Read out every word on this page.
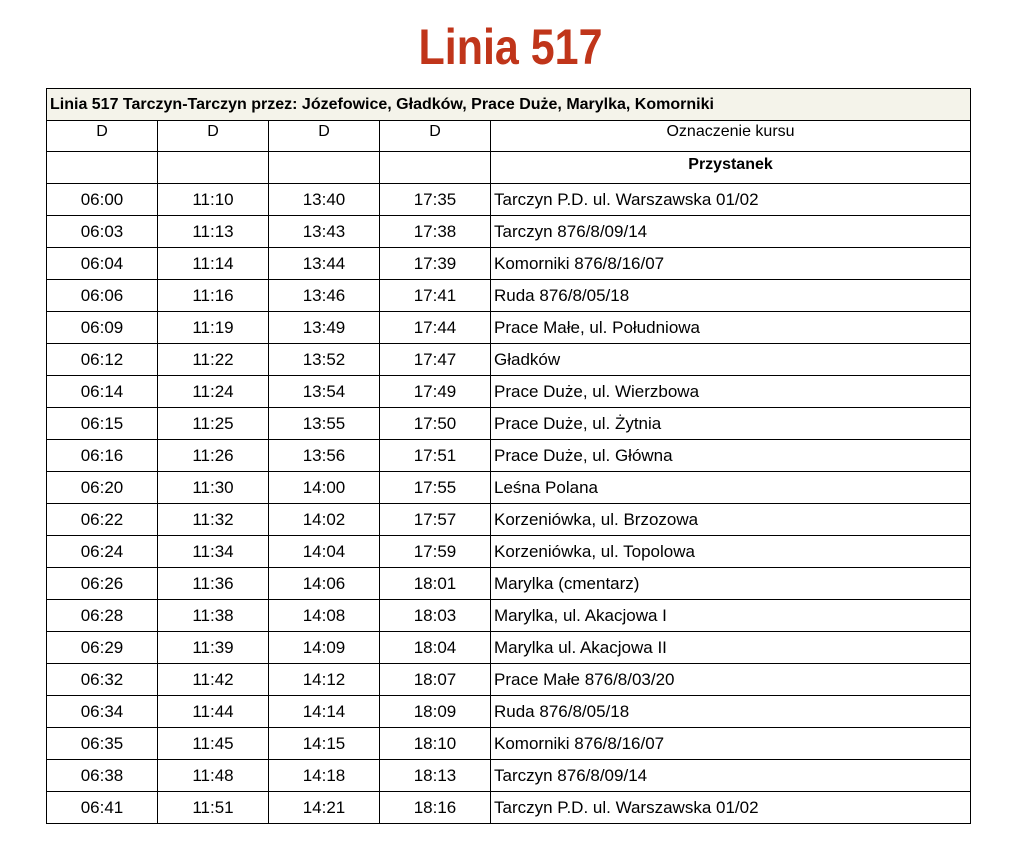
Linia 517
Linia 517 Tarczyn-Tarczyn przez: Józefowice, Gładków, Prace Duże, Marylka, Komorniki				
D	D	D	D	Oznaczenie kursu
				Przystanek
06:00	11:10	13:40	17:35	Tarczyn P.D. ul. Warszawska 01/02
06:03	11:13	13:43	17:38	Tarczyn 876/8/09/14
06:04	11:14	13:44	17:39	Komorniki 876/8/16/07
06:06	11:16	13:46	17:41	Ruda 876/8/05/18
06:09	11:19	13:49	17:44	Prace Małe, ul. Południowa
06:12	11:22	13:52	17:47	Gładków
06:14	11:24	13:54	17:49	Prace Duże, ul. Wierzbowa
06:15	11:25	13:55	17:50	Prace Duże, ul. Żytnia
06:16	11:26	13:56	17:51	Prace Duże, ul. Główna
06:20	11:30	14:00	17:55	Leśna Polana
06:22	11:32	14:02	17:57	Korzeniówka, ul. Brzozowa
06:24	11:34	14:04	17:59	Korzeniówka, ul. Topolowa
06:26	11:36	14:06	18:01	Marylka (cmentarz)
06:28	11:38	14:08	18:03	Marylka, ul. Akacjowa I
06:29	11:39	14:09	18:04	Marylka ul. Akacjowa II
06:32	11:42	14:12	18:07	Prace Małe 876/8/03/20
06:34	11:44	14:14	18:09	Ruda 876/8/05/18
06:35	11:45	14:15	18:10	Komorniki 876/8/16/07
06:38	11:48	14:18	18:13	Tarczyn 876/8/09/14
06:41	11:51	14:21	18:16	Tarczyn P.D. ul. Warszawska 01/02
